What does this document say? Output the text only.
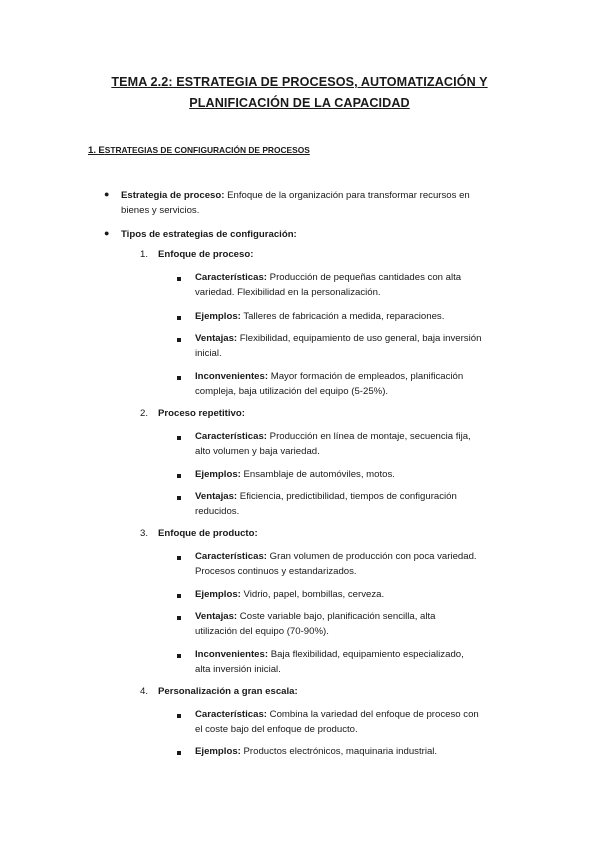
TEMA 2.2: ESTRATEGIA DE PROCESOS, AUTOMATIZACIÓN Y
PLANIFICACIÓN DE LA CAPACIDAD
1. ESTRATEGIAS DE CONFIGURACIÓN DE PROCESOS
● Estrategia de proceso: Enfoque de la organización para transformar recursos en
bienes y servicios.
● Tipos de estrategias de configuración:
1. Enfoque de proceso:
Características: Producción de pequeñas cantidades con alta
variedad. Flexibilidad en la personalización.
Ejemplos: Talleres de fabricación a medida, reparaciones.
Ventajas: Flexibilidad, equipamiento de uso general, baja inversión
inicial.
Inconvenientes: Mayor formación de empleados, planificación
compleja, baja utilización del equipo (5-25%).
2. Proceso repetitivo:
Características: Producción en línea de montaje, secuencia fija,
alto volumen y baja variedad.
Ejemplos: Ensamblaje de automóviles, motos.
Ventajas: Eficiencia, predictibilidad, tiempos de configuración
reducidos.
3. Enfoque de producto:
Características: Gran volumen de producción con poca variedad.
Procesos continuos y estandarizados.
Ejemplos: Vidrio, papel, bombillas, cerveza.
Ventajas: Coste variable bajo, planificación sencilla, alta
utilización del equipo (70-90%).
Inconvenientes: Baja flexibilidad, equipamiento especializado,
alta inversión inicial.
4. Personalización a gran escala:
Características: Combina la variedad del enfoque de proceso con
el coste bajo del enfoque de producto.
Ejemplos: Productos electrónicos, maquinaria industrial.
